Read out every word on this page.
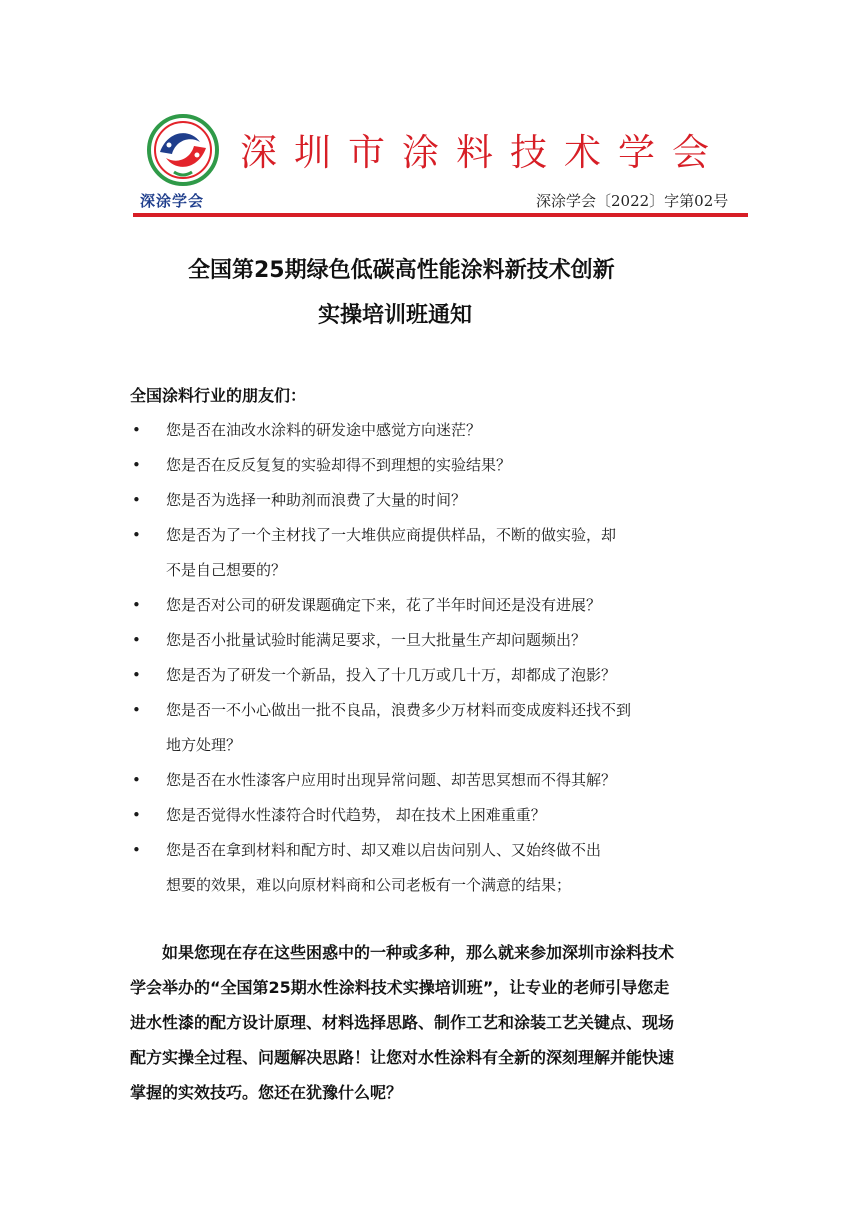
深涂学会
深圳市涂料技术学会
深涂学会〔2022〕字第02号
全国第25期绿色低碳高性能涂料新技术创新
实操培训班通知
全国涂料行业的朋友们：
•	您是否在油改水涂料的研发途中感觉方向迷茫？
•	您是否在反反复复的实验却得不到理想的实验结果？
•	您是否为选择一种助剂而浪费了大量的时间？
•	您是否为了一个主材找了一大堆供应商提供样品，不断的做实验，却
不是自己想要的？
•	您是否对公司的研发课题确定下来，花了半年时间还是没有进展？
•	您是否小批量试验时能满足要求，一旦大批量生产却问题频出？
•	您是否为了研发一个新品，投入了十几万或几十万，却都成了泡影？
•	您是否一不小心做出一批不良品，浪费多少万材料而变成废料还找不到
地方处理？
•	您是否在水性漆客户应用时出现异常问题、却苦思冥想而不得其解？
•	您是否觉得水性漆符合时代趋势， 却在技术上困难重重？
•	您是否在拿到材料和配方时、却又难以启齿问别人、又始终做不出
想要的效果，难以向原材料商和公司老板有一个满意的结果；
如果您现在存在这些困惑中的一种或多种，那么就来参加深圳市涂料技术
学会举办的“全国第25期水性涂料技术实操培训班”，让专业的老师引导您走
进水性漆的配方设计原理、材料选择思路、制作工艺和涂装工艺关键点、现场
配方实操全过程、问题解决思路！让您对水性涂料有全新的深刻理解并能快速
掌握的实效技巧。您还在犹豫什么呢？
